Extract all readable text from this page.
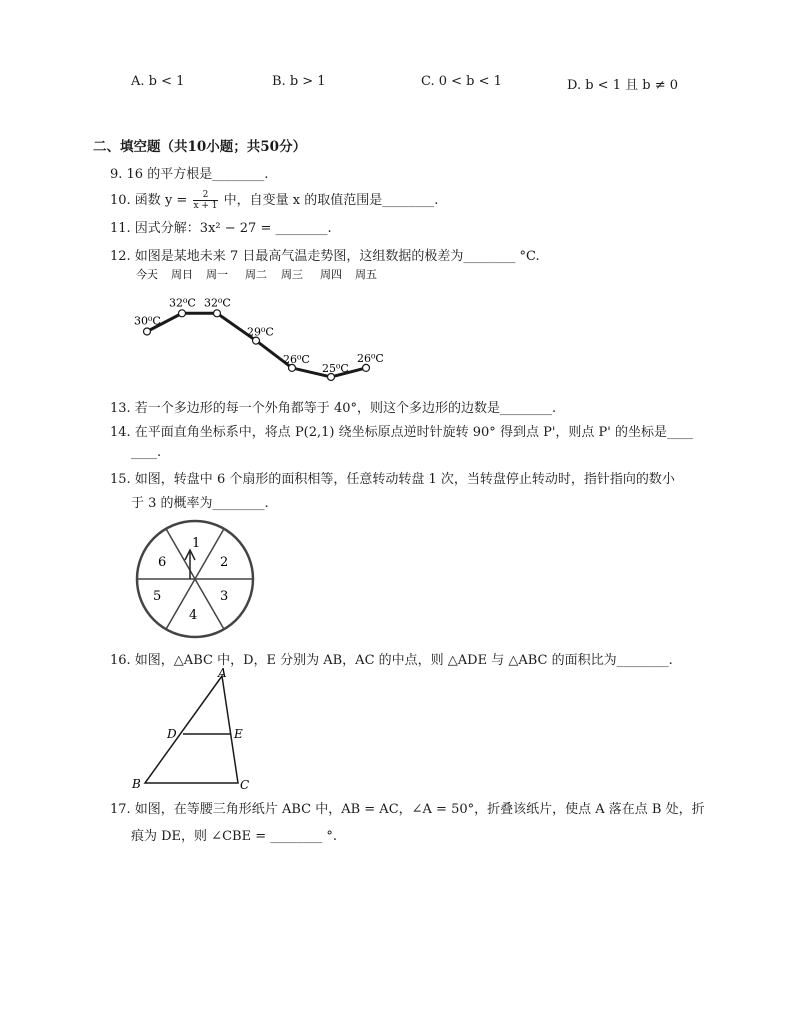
A. b < 1	B. b > 1	C. 0 < b < 1	D. b < 1 且 b ≠ 0
二、填空题（共10小题；共50分）
9. 16 的平方根是________.
10. 函数 $y = \frac{2}{x + 1}$ 中，自变量 x 的取值范围是________.
11. 因式分解：3x² − 27 = ________.
12. 如图是某地未来 7 日最高气温走势图，这组数据的极差为________ °C.
今天 周日 周一 周二 周三 周四 周五
30⁰C
32⁰C 32⁰C
29⁰C
26⁰C
25⁰C
26⁰C
13. 若一个多边形的每一个外角都等于 40°，则这个多边形的边数是________.
14. 在平面直角坐标系中，将点 P(2,1) 绕坐标原点逆时针旋转 90° 得到点 P'，则点 P' 的坐标是____
____.
15. 如图，转盘中 6 个扇形的面积相等，任意转动转盘 1 次，当转盘停止转动时，指针指向的数小
于 3 的概率为________.
1
2
3
4
5
6
16. 如图，△ABC 中，D，E 分别为 AB，AC 的中点，则 △ADE 与 △ABC 的面积比为________.
A
B	C
D	E
17. 如图，在等腰三角形纸片 ABC 中，AB = AC，∠A = 50°，折叠该纸片，使点 A 落在点 B 处，折
痕为 DE，则 ∠CBE = ________ °.
